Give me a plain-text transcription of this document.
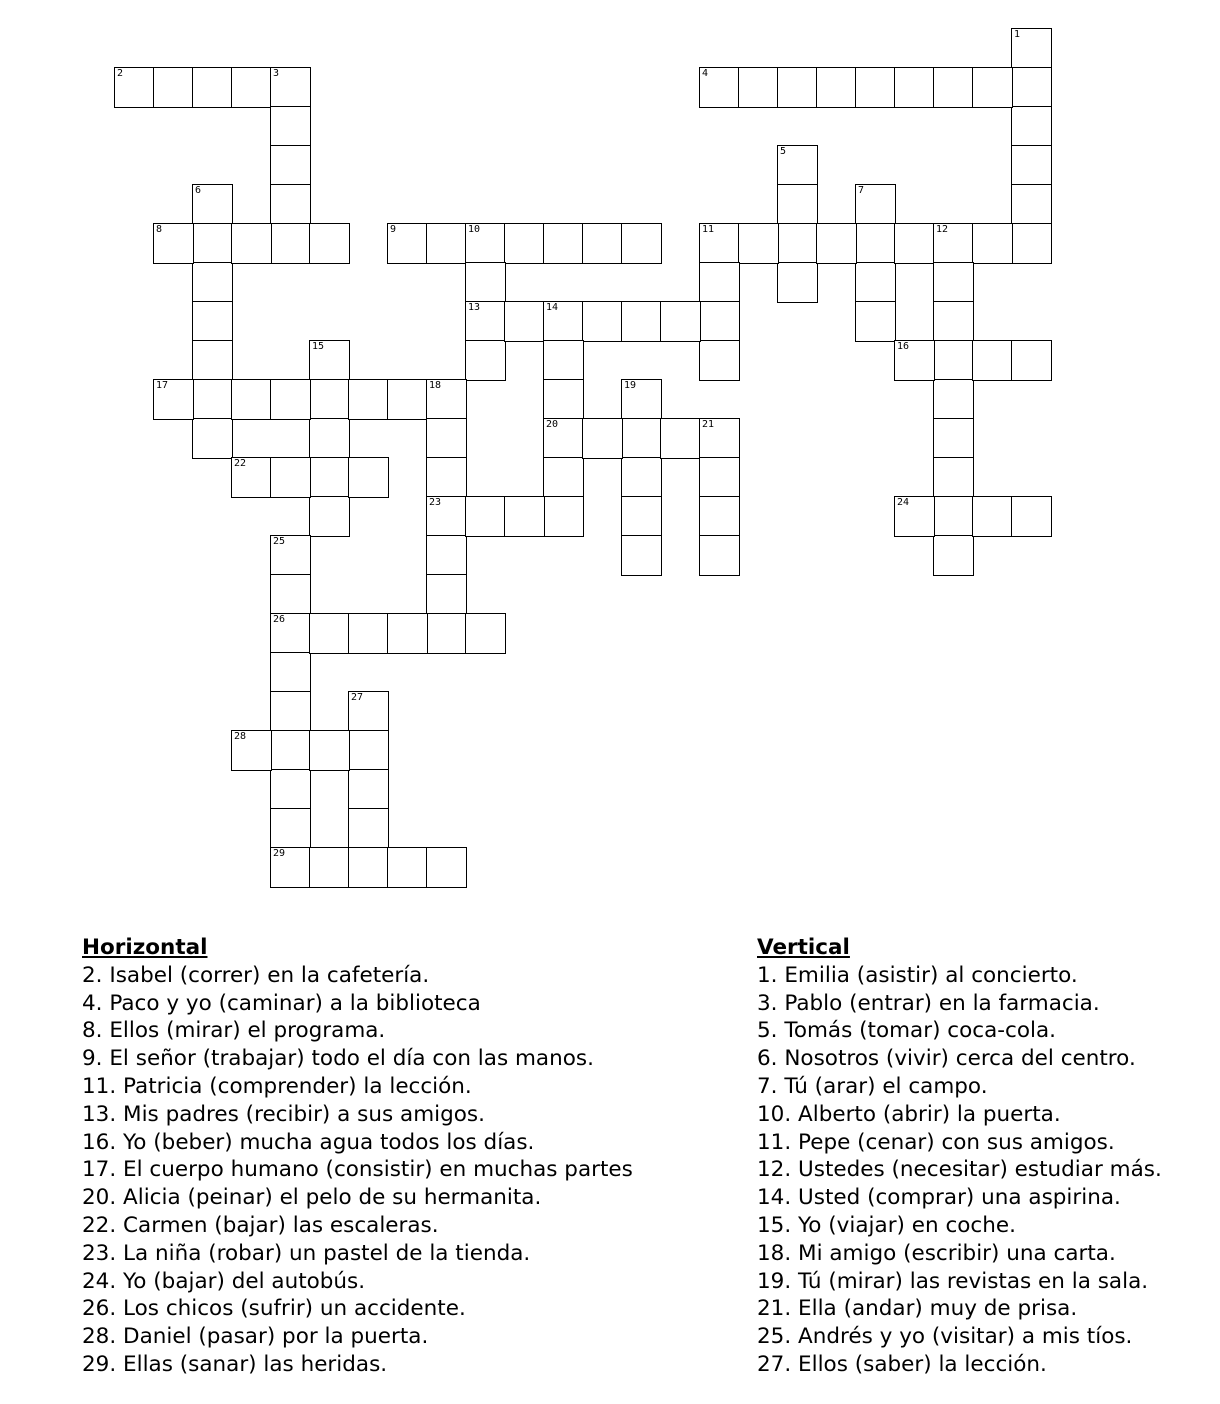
1
2	3	4
5
6	7
8	9	10
13
11	12
14
20
15	16
17	18
23
19
21
22
24
25
26
29
27
28
Horizontal
2. Isabel (correr) en la cafetería.
4. Paco y yo (caminar) a la biblioteca
8. Ellos (mirar) el programa.
9. El señor (trabajar) todo el día con las manos.
11. Patricia (comprender) la lección.
13. Mis padres (recibir) a sus amigos.
16. Yo (beber) mucha agua todos los días.
17. El cuerpo humano (consistir) en muchas partes
20. Alicia (peinar) el pelo de su hermanita.
22. Carmen (bajar) las escaleras.
23. La niña (robar) un pastel de la tienda.
24. Yo (bajar) del autobús.
26. Los chicos (sufrir) un accidente.
28. Daniel (pasar) por la puerta.
29. Ellas (sanar) las heridas.
Vertical
1. Emilia (asistir) al concierto.
3. Pablo (entrar) en la farmacia.
5. Tomás (tomar) coca-cola.
6. Nosotros (vivir) cerca del centro.
7. Tú (arar) el campo.
10. Alberto (abrir) la puerta.
11. Pepe (cenar) con sus amigos.
12. Ustedes (necesitar) estudiar más.
14. Usted (comprar) una aspirina.
15. Yo (viajar) en coche.
18. Mi amigo (escribir) una carta.
19. Tú (mirar) las revistas en la sala.
21. Ella (andar) muy de prisa.
25. Andrés y yo (visitar) a mis tíos.
27. Ellos (saber) la lección.
